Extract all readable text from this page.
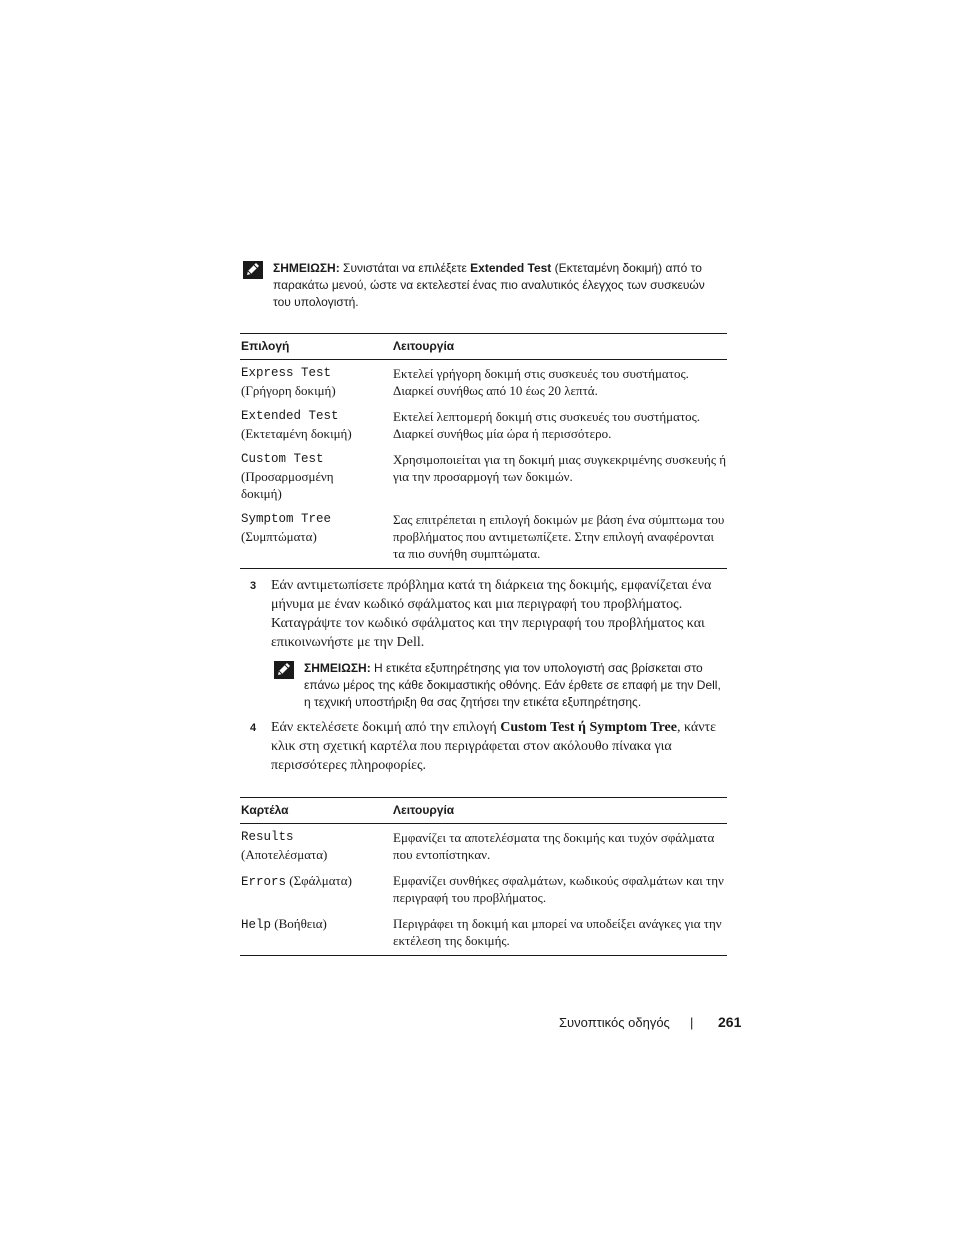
ΣΗΜΕΙΩΣΗ: Συνιστάται να επιλέξετε Extended Test (Εκτεταμένη δοκιμή) από το
παρακάτω μενού, ώστε να εκτελεστεί ένας πιο αναλυτικός έλεγχος των συσκευών
του υπολογιστή.
Επιλογή	Λειτουργία

Express Test
(Γρήγορη δοκιμή)	Εκτελεί γρήγορη δοκιμή στις συσκευές του συστήματος. Διαρκεί συνήθως από 10 έως 20 λεπτά.

Extended Test
(Εκτεταμένη δοκιμή)	Εκτελεί λεπτομερή δοκιμή στις συσκευές του συστήματος. Διαρκεί συνήθως μία ώρα ή περισσότερο.

Custom Test
(Προσαρμοσμένη δοκιμή)	Χρησιμοποιείται για τη δοκιμή μιας συγκεκριμένης συσκευής ή για την προσαρμογή των δοκιμών.

Symptom Tree
(Συμπτώματα)	Σας επιτρέπεται η επιλογή δοκιμών με βάση ένα σύμπτωμα του προβλήματος που αντιμετωπίζετε. Στην επιλογή αναφέρονται τα πιο συνήθη συμπτώματα.
3 Εάν αντιμετωπίσετε πρόβλημα κατά τη διάρκεια της δοκιμής, εμφανίζεται ένα μήνυμα με έναν κωδικό σφάλματος και μια περιγραφή του προβλήματος. Καταγράψτε τον κωδικό σφάλματος και την περιγραφή του προβλήματος και επικοινωνήστε με την Dell.
ΣΗΜΕΙΩΣΗ: Η ετικέτα εξυπηρέτησης για τον υπολογιστή σας βρίσκεται στο
επάνω μέρος της κάθε δοκιμαστικής οθόνης. Εάν έρθετε σε επαφή με την Dell,
η τεχνική υποστήριξη θα σας ζητήσει την ετικέτα εξυπηρέτησης.
4 Εάν εκτελέσετε δοκιμή από την επιλογή Custom Test ή Symptom Tree, κάντε κλικ στη σχετική καρτέλα που περιγράφεται στον ακόλουθο πίνακα για περισσότερες πληροφορίες.
Καρτέλα	Λειτουργία

Results
(Αποτελέσματα)	Εμφανίζει τα αποτελέσματα της δοκιμής και τυχόν σφάλματα που εντοπίστηκαν.
Errors (Σφάλματα)	Εμφανίζει συνθήκες σφαλμάτων, κωδικούς σφαλμάτων και την περιγραφή του προβλήματος.
Help (Βοήθεια)	Περιγράφει τη δοκιμή και μπορεί να υποδείξει ανάγκες για την εκτέλεση της δοκιμής.
Συνοπτικός οδηγός | 261
